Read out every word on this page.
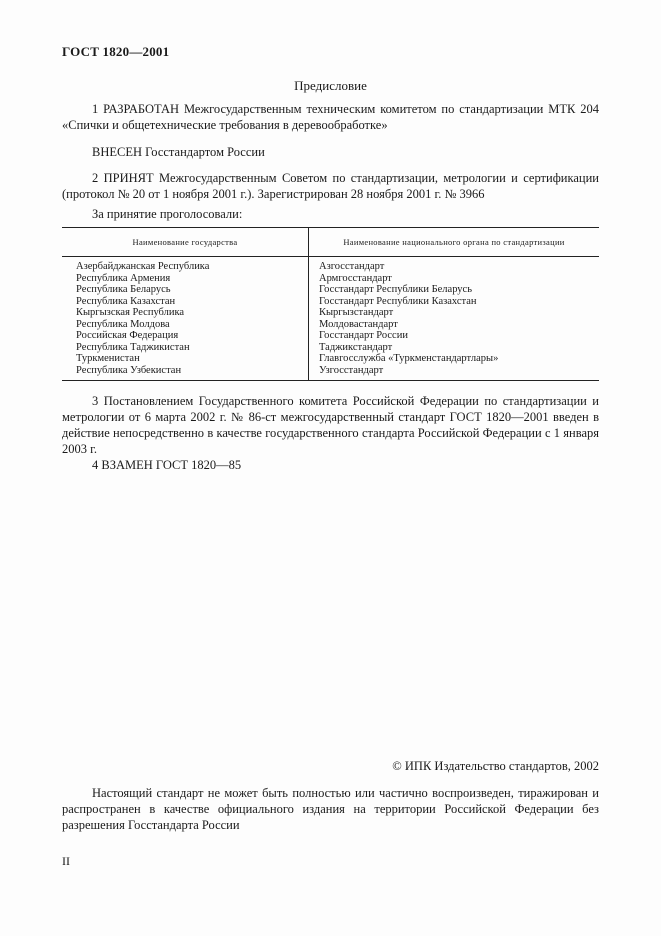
ГОСТ 1820—2001
Предисловие
1 РАЗРАБОТАН Межгосударственным техническим комитетом по стандартизации МТК 204 «Спички и общетехнические требования в деревообработке»
ВНЕСЕН Госстандартом России
2 ПРИНЯТ Межгосударственным Советом по стандартизации, метрологии и сертификации (протокол № 20 от 1 ноября 2001 г.). Зарегистрирован 28 ноября 2001 г. № 3966
За принятие проголосовали:
Наименование государства	Наименование национального органа по стандартизации
Азербайджанская Республика	Азгосстандарт
Республика Армения	Армгосстандарт
Республика Беларусь	Госстандарт Республики Беларусь
Республика Казахстан	Госстандарт Республики Казахстан
Кыргызская Республика	Кыргызстандарт
Республика Молдова	Молдовастандарт
Российская Федерация	Госстандарт России
Республика Таджикистан	Таджикстандарт
Туркменистан	Главгосслужба «Туркменстандартлары»
Республика Узбекистан	Узгосстандарт
3 Постановлением Государственного комитета Российской Федерации по стандартизации и метрологии от 6 марта 2002 г. № 86-ст межгосударственный стандарт ГОСТ 1820—2001 введен в действие непосредственно в качестве государственного стандарта Российской Федерации с 1 января 2003 г.
4 ВЗАМЕН ГОСТ 1820—85
© ИПК Издательство стандартов, 2002
Настоящий стандарт не может быть полностью или частично воспроизведен, тиражирован и распространен в качестве официального издания на территории Российской Федерации без разрешения Госстандарта России
II
